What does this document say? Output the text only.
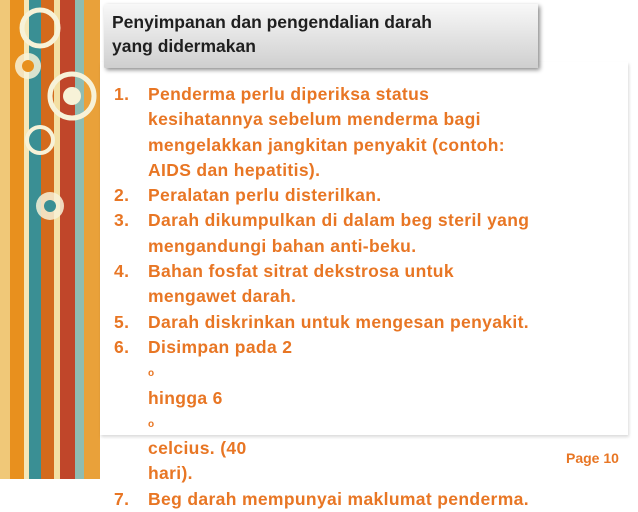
Penyimpanan dan pengendalian darah
yang didermakan
1.	Penderma perlu diperiksa status
kesihatannya sebelum menderma bagi
mengelakkan jangkitan penyakit (contoh:
AIDS dan hepatitis).
2.	Peralatan perlu disterilkan.
3.	Darah dikumpulkan di dalam beg steril yang
mengandungi bahan anti-beku.
4.	Bahan fosfat sitrat dekstrosa untuk
mengawet darah.
5.	Darah diskrinkan untuk mengesan penyakit.
6.	Disimpan pada 2
$^o$
hingga 6
$^o$
celcius. (40
hari).
7.	Beg darah mempunyai maklumat penderma.
Page 10
